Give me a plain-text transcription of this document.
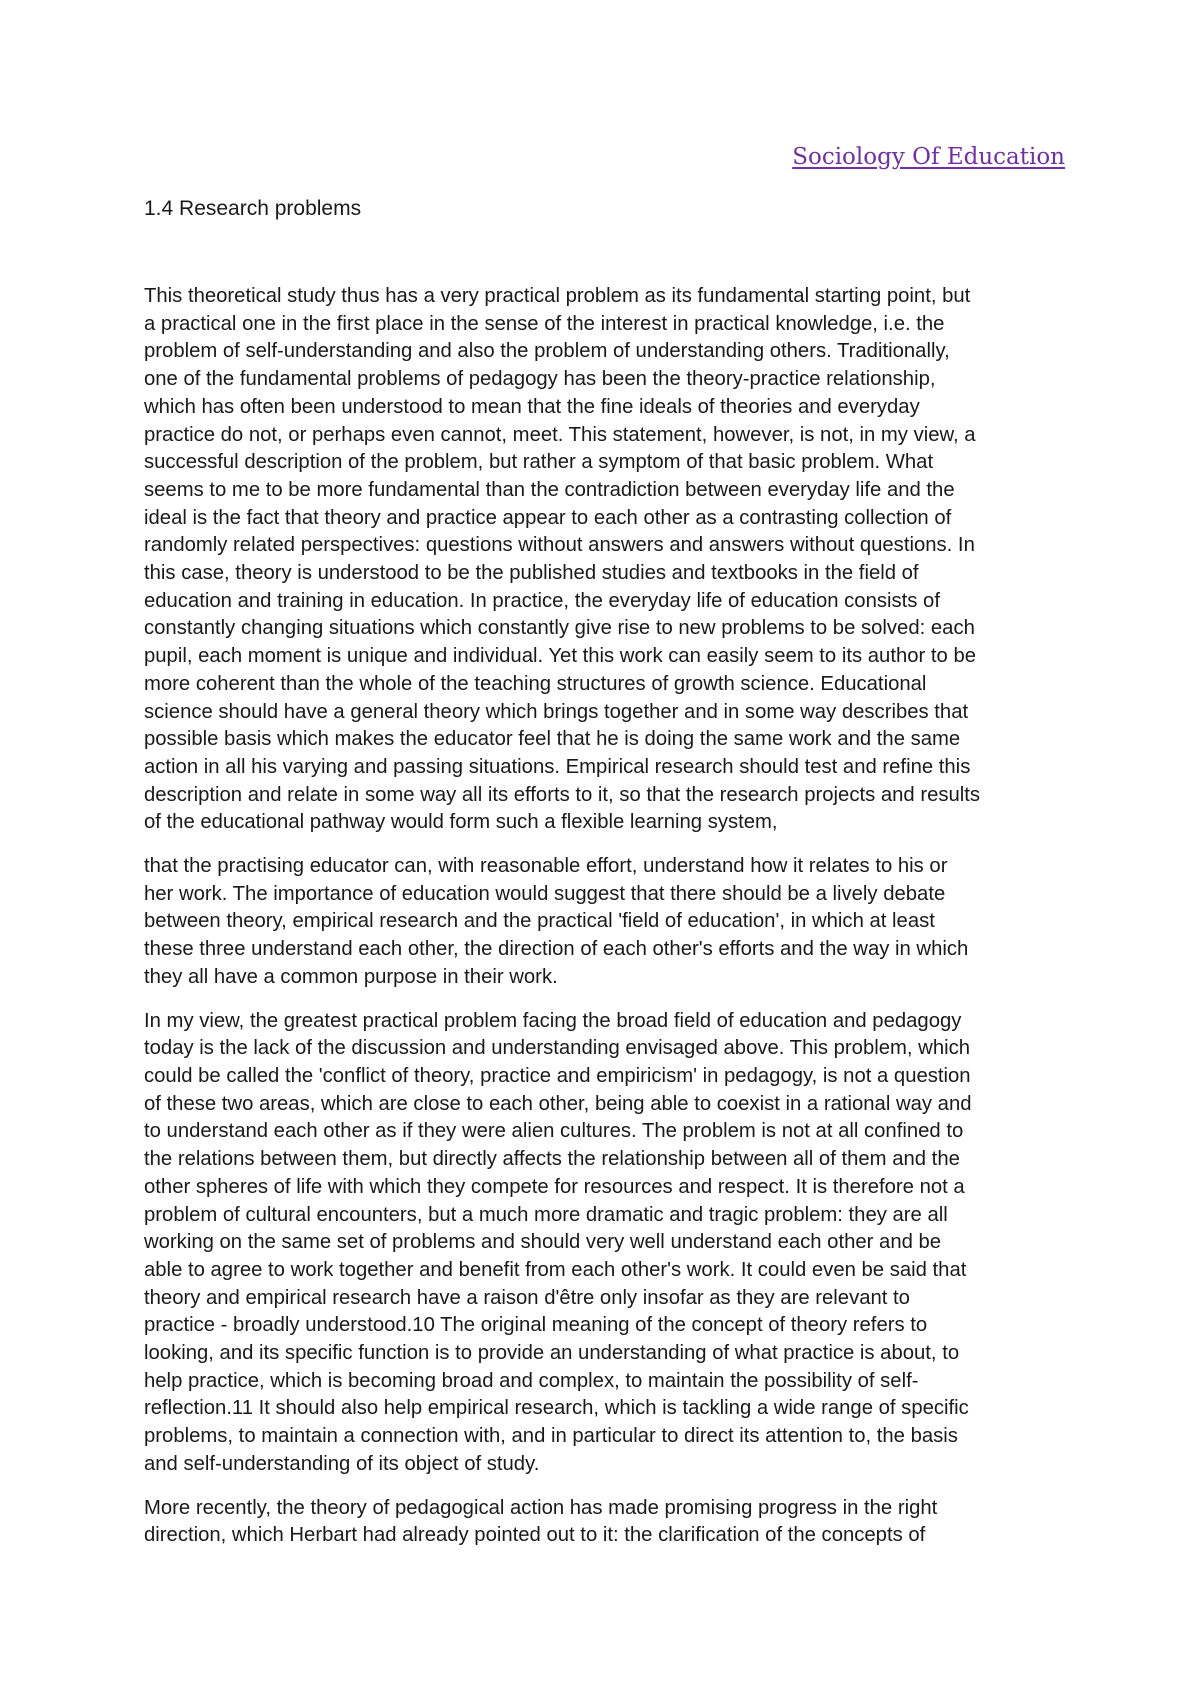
Sociology Of Education
1.4 Research problems

This theoretical study thus has a very practical problem as its fundamental starting point, but
a practical one in the first place in the sense of the interest in practical knowledge, i.e. the
problem of self-understanding and also the problem of understanding others. Traditionally,
one of the fundamental problems of pedagogy has been the theory-practice relationship,
which has often been understood to mean that the fine ideals of theories and everyday
practice do not, or perhaps even cannot, meet. This statement, however, is not, in my view, a
successful description of the problem, but rather a symptom of that basic problem. What
seems to me to be more fundamental than the contradiction between everyday life and the
ideal is the fact that theory and practice appear to each other as a contrasting collection of
randomly related perspectives: questions without answers and answers without questions. In
this case, theory is understood to be the published studies and textbooks in the field of
education and training in education. In practice, the everyday life of education consists of
constantly changing situations which constantly give rise to new problems to be solved: each
pupil, each moment is unique and individual. Yet this work can easily seem to its author to be
more coherent than the whole of the teaching structures of growth science. Educational
science should have a general theory which brings together and in some way describes that
possible basis which makes the educator feel that he is doing the same work and the same
action in all his varying and passing situations. Empirical research should test and refine this
description and relate in some way all its efforts to it, so that the research projects and results
of the educational pathway would form such a flexible learning system,

that the practising educator can, with reasonable effort, understand how it relates to his or
her work. The importance of education would suggest that there should be a lively debate
between theory, empirical research and the practical 'field of education', in which at least
these three understand each other, the direction of each other's efforts and the way in which
they all have a common purpose in their work.

In my view, the greatest practical problem facing the broad field of education and pedagogy
today is the lack of the discussion and understanding envisaged above. This problem, which
could be called the 'conflict of theory, practice and empiricism' in pedagogy, is not a question
of these two areas, which are close to each other, being able to coexist in a rational way and
to understand each other as if they were alien cultures. The problem is not at all confined to
the relations between them, but directly affects the relationship between all of them and the
other spheres of life with which they compete for resources and respect. It is therefore not a
problem of cultural encounters, but a much more dramatic and tragic problem: they are all
working on the same set of problems and should very well understand each other and be
able to agree to work together and benefit from each other's work. It could even be said that
theory and empirical research have a raison d'être only insofar as they are relevant to
practice - broadly understood.10 The original meaning of the concept of theory refers to
looking, and its specific function is to provide an understanding of what practice is about, to
help practice, which is becoming broad and complex, to maintain the possibility of self-
reflection.11 It should also help empirical research, which is tackling a wide range of specific
problems, to maintain a connection with, and in particular to direct its attention to, the basis
and self-understanding of its object of study.

More recently, the theory of pedagogical action has made promising progress in the right
direction, which Herbart had already pointed out to it: the clarification of the concepts of
